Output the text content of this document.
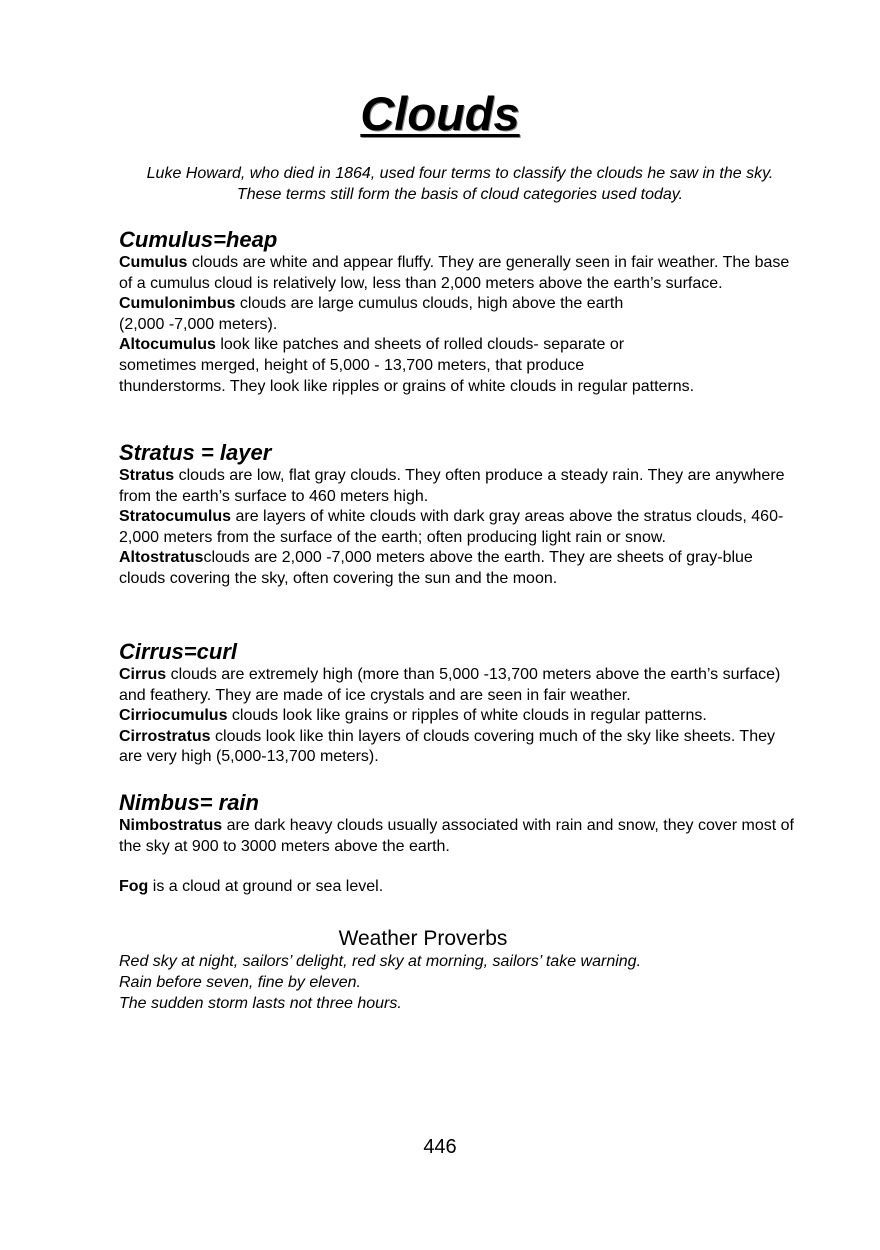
Clouds
Luke Howard, who died in 1864, used four terms to classify the clouds he saw in the sky.
These terms still form the basis of cloud categories used today.
Cumulus=heap

Cumulus clouds are white and appear fluffy. They are generally seen in fair weather. The base of a cumulus cloud is relatively low, less than 2,000 meters above the earth’s surface.

Cumulonimbus clouds are large cumulus clouds, high above the earth
(2,000 -7,000 meters).

Altocumulus look like patches and sheets of rolled clouds- separate or
sometimes merged, height of 5,000 - 13,700 meters, that produce
thunderstorms. They look like ripples or grains of white clouds in regular patterns.

Stratus = layer

Stratus clouds are low, flat gray clouds. They often produce a steady rain. They are anywhere from the earth’s surface to 460 meters high.

Stratocumulus are layers of white clouds with dark gray areas above the stratus clouds, 460- 2,000 meters from the surface of the earth; often producing light rain or snow.

Altostratusclouds are 2,000 -7,000 meters above the earth. They are sheets of gray-blue clouds covering the sky, often covering the sun and the moon.

Cirrus=curl

Cirrus clouds are extremely high (more than 5,000 -13,700 meters above the earth’s surface) and feathery. They are made of ice crystals and are seen in fair weather.

Cirriocumulus clouds look like grains or ripples of white clouds in regular patterns.

Cirrostratus clouds look like thin layers of clouds covering much of the sky like sheets. They are very high (5,000-13,700 meters).

Nimbus= rain

Nimbostratus are dark heavy clouds usually associated with rain and snow, they cover most of the sky at 900 to 3000 meters above the earth.

Fog is a cloud at ground or sea level.

Weather Proverbs

Red sky at night, sailors’ delight, red sky at morning, sailors’ take warning.

Rain before seven, fine by eleven.

The sudden storm lasts not three hours.

446
